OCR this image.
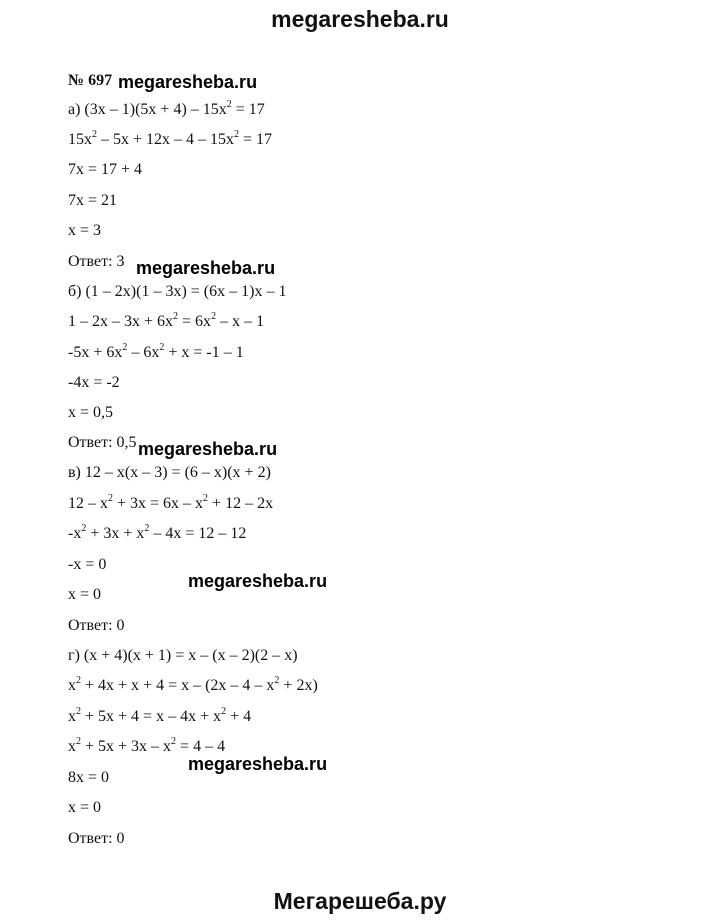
megaresheba.ru
№ 697
а) $(3x - 1)(5x + 4) - 15x^2 = 17$
$15x^2 - 5x + 12x - 4 - 15x^2 = 17$
7x = 17 + 4
7x = 21
x = 3
Ответ: 3
б) (1 – 2x)(1 – 3x) = (6x – 1)x – 1
$1 - 2x - 3x + 6x^2 = 6x^2 - x - 1$
$-5x + 6x^2 - 6x^2 + x = -1 - 1$
-4x = -2
x = 0,5
Ответ: 0,5
в) 12 – x(x – 3) = (6 – x)(x + 2)
$12 - x^2 + 3x = 6x - x^2 + 12 - 2x$
$-x^2 + 3x + x^2 - 4x = 12 - 12$
-x = 0
x = 0
Ответ: 0
г) (x + 4)(x + 1) = x – (x – 2)(2 – x)
$x^2 + 4x + x + 4 = x - (2x - 4 - x^2 + 2x)$
$x^2 + 5x + 4 = x - 4x + x^2 + 4$
$x^2 + 5x + 3x - x^2 = 4 - 4$
8x = 0
x = 0
Ответ: 0
megaresheba.ru
megaresheba.ru
megaresheba.ru
megaresheba.ru
megaresheba.ru
Мегарешеба.ру
